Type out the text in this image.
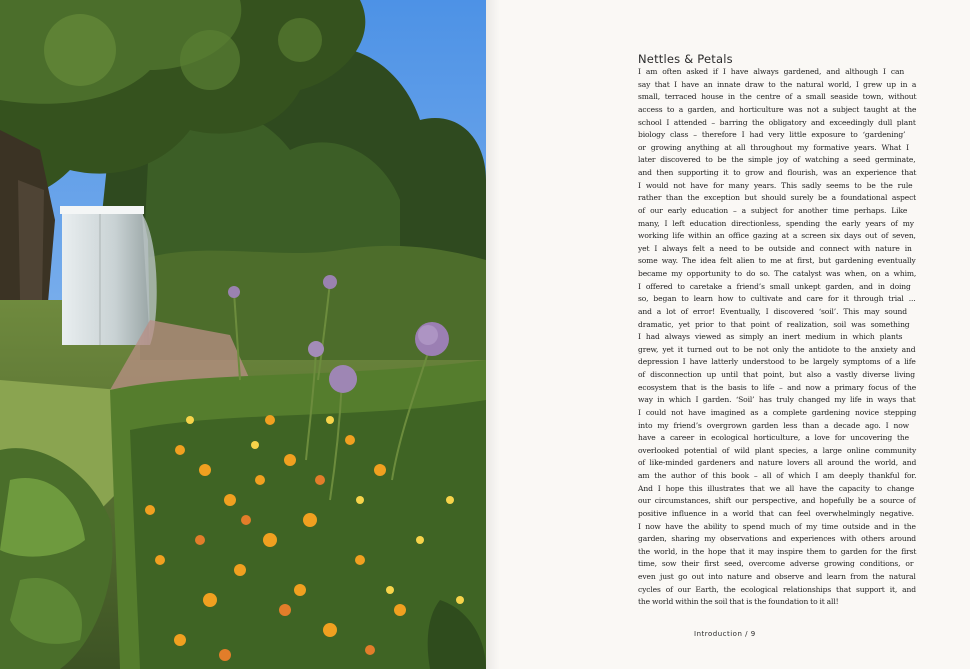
Nettles & Petals
I am often asked if I have always gardened, and although I can
say that I have an innate draw to the natural world, I grew up in a
small, terraced house in the centre of a small seaside town, without
access to a garden, and horticulture was not a subject taught at the
school I attended – barring the obligatory and exceedingly dull plant
biology class – therefore I had very little exposure to ‘gardening’
or growing anything at all throughout my formative years. What I
later discovered to be the simple joy of watching a seed germinate,
and then supporting it to grow and flourish, was an experience that
I would not have for many years. This sadly seems to be the rule
rather than the exception but should surely be a foundational aspect
of our early education – a subject for another time perhaps. Like
many, I left education directionless, spending the early years of my
working life within an office gazing at a screen six days out of seven,
yet I always felt a need to be outside and connect with nature in
some way. The idea felt alien to me at first, but gardening eventually
became my opportunity to do so. The catalyst was when, on a whim,
I offered to caretake a friend’s small unkept garden, and in doing
so, began to learn how to cultivate and care for it through trial ...
and a lot of error! Eventually, I discovered ‘soil’. This may sound
dramatic, yet prior to that point of realization, soil was something
I had always viewed as simply an inert medium in which plants
grew, yet it turned out to be not only the antidote to the anxiety and
depression I have latterly understood to be largely symptoms of a life
of disconnection up until that point, but also a vastly diverse living
ecosystem that is the basis to life – and now a primary focus of the
way in which I garden. ‘Soil’ has truly changed my life in ways that
I could not have imagined as a complete gardening novice stepping
into my friend’s overgrown garden less than a decade ago. I now
have a career in ecological horticulture, a love for uncovering the
overlooked potential of wild plant species, a large online community
of like-minded gardeners and nature lovers all around the world, and
am the author of this book – all of which I am deeply thankful for.
And I hope this illustrates that we all have the capacity to change
our circumstances, shift our perspective, and hopefully be a source of
positive influence in a world that can feel overwhelmingly negative.
I now have the ability to spend much of my time outside and in the
garden, sharing my observations and experiences with others around
the world, in the hope that it may inspire them to garden for the first
time, sow their first seed, overcome adverse growing conditions, or
even just go out into nature and observe and learn from the natural
cycles of our Earth, the ecological relationships that support it, and
the world within the soil that is the foundation to it all!
Introduction / 9
